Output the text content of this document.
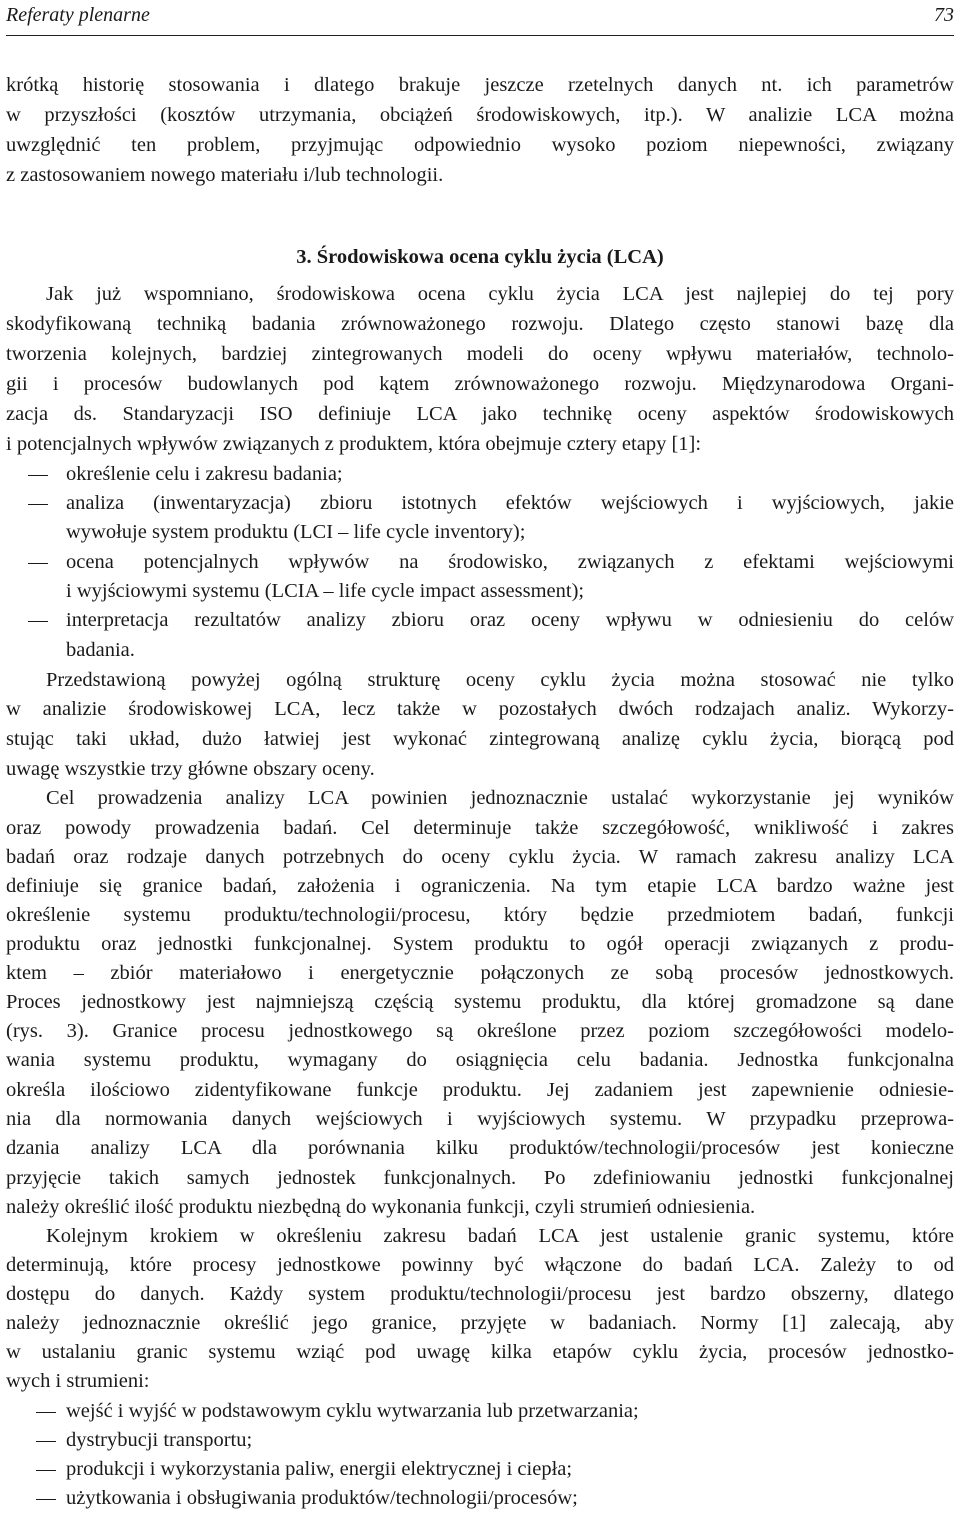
Referaty plenarne	73
3. Środowiskowa ocena cyklu życia (LCA)
krótką historię stosowania i dlatego brakuje jeszcze rzetelnych danych nt. ich parametrów
w przyszłości (kosztów utrzymania, obciążeń środowiskowych, itp.). W analizie LCA można
uwzględnić ten problem, przyjmując odpowiednio wysoko poziom niepewności, związany
z zastosowaniem nowego materiału i/lub technologii.
Jak już wspomniano, środowiskowa ocena cyklu życia LCA jest najlepiej do tej pory
skodyfikowaną techniką badania zrównoważonego rozwoju. Dlatego często stanowi bazę dla
tworzenia kolejnych, bardziej zintegrowanych modeli do oceny wpływu materiałów, technolo-
gii i procesów budowlanych pod kątem zrównoważonego rozwoju. Międzynarodowa Organi-
zacja ds. Standaryzacji ISO definiuje LCA jako technikę oceny aspektów środowiskowych
i potencjalnych wpływów związanych z produktem, która obejmuje cztery etapy [1]:
określenie celu i zakresu badania;
analiza (inwentaryzacja) zbioru istotnych efektów wejściowych i wyjściowych, jakie
wywołuje system produktu (LCI – life cycle inventory);
ocena potencjalnych wpływów na środowisko, związanych z efektami wejściowymi
i wyjściowymi systemu (LCIA – life cycle impact assessment);
interpretacja rezultatów analizy zbioru oraz oceny wpływu w odniesieniu do celów
badania.
Przedstawioną powyżej ogólną strukturę oceny cyklu życia można stosować nie tylko
w analizie środowiskowej LCA, lecz także w pozostałych dwóch rodzajach analiz. Wykorzy-
stując taki układ, dużo łatwiej jest wykonać zintegrowaną analizę cyklu życia, biorącą pod
uwagę wszystkie trzy główne obszary oceny.
Cel prowadzenia analizy LCA powinien jednoznacznie ustalać wykorzystanie jej wyników
oraz powody prowadzenia badań. Cel determinuje także szczegółowość, wnikliwość i zakres
badań oraz rodzaje danych potrzebnych do oceny cyklu życia. W ramach zakresu analizy LCA
definiuje się granice badań, założenia i ograniczenia. Na tym etapie LCA bardzo ważne jest
określenie systemu produktu/technologii/procesu, który będzie przedmiotem badań, funkcji
produktu oraz jednostki funkcjonalnej. System produktu to ogół operacji związanych z produ-
ktem – zbiór materiałowo i energetycznie połączonych ze sobą procesów jednostkowych.
Proces jednostkowy jest najmniejszą częścią systemu produktu, dla której gromadzone są dane
(rys. 3). Granice procesu jednostkowego są określone przez poziom szczegółowości modelo-
wania systemu produktu, wymagany do osiągnięcia celu badania. Jednostka funkcjonalna
określa ilościowo zidentyfikowane funkcje produktu. Jej zadaniem jest zapewnienie odniesie-
nia dla normowania danych wejściowych i wyjściowych systemu. W przypadku przeprowa-
dzania analizy LCA dla porównania kilku produktów/technologii/procesów jest konieczne
przyjęcie takich samych jednostek funkcjonalnych. Po zdefiniowaniu jednostki funkcjonalnej
należy określić ilość produktu niezbędną do wykonania funkcji, czyli strumień odniesienia.
Kolejnym krokiem w określeniu zakresu badań LCA jest ustalenie granic systemu, które
determinują, które procesy jednostkowe powinny być włączone do badań LCA. Zależy to od
dostępu do danych. Każdy system produktu/technologii/procesu jest bardzo obszerny, dlatego
należy jednoznacznie określić jego granice, przyjęte w badaniach. Normy [1] zalecają, aby
w ustalaniu granic systemu wziąć pod uwagę kilka etapów cyklu życia, procesów jednostko-
wych i strumieni:
wejść i wyjść w podstawowym cyklu wytwarzania lub przetwarzania;
dystrybucji transportu;
produkcji i wykorzystania paliw, energii elektrycznej i ciepła;
użytkowania i obsługiwania produktów/technologii/procesów;
